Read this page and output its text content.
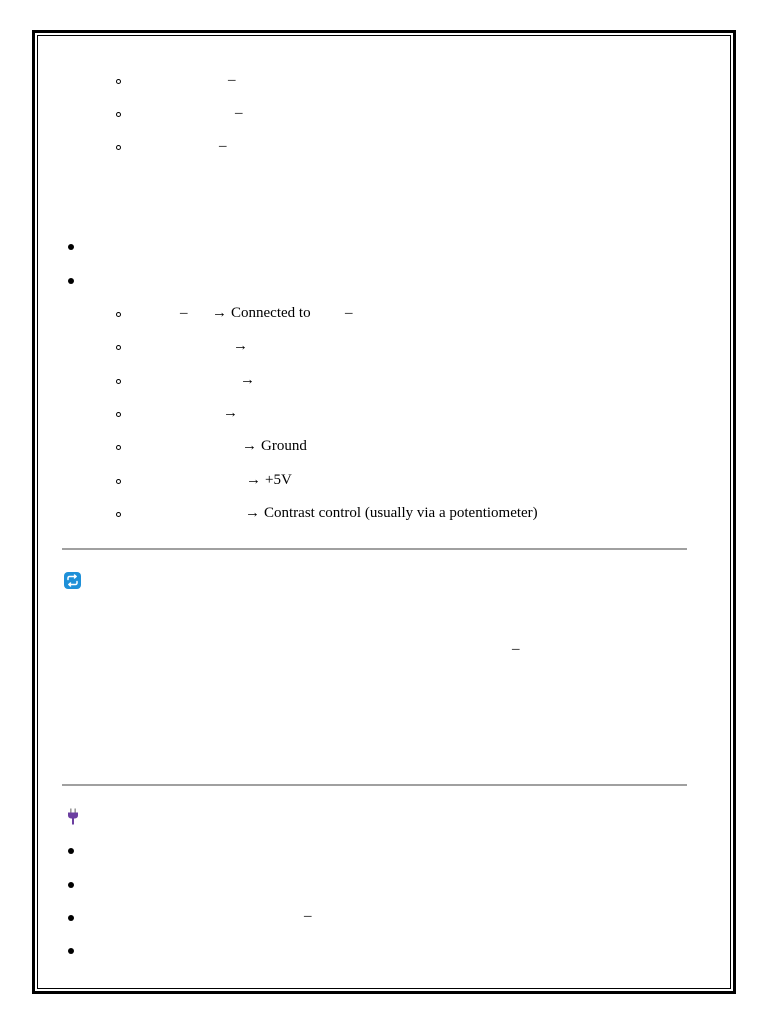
–
–
–
– → Connected to –
→
→
→
→ Ground
→ +5V
→ Contrast control (usually via a potentiometer)
–
–
